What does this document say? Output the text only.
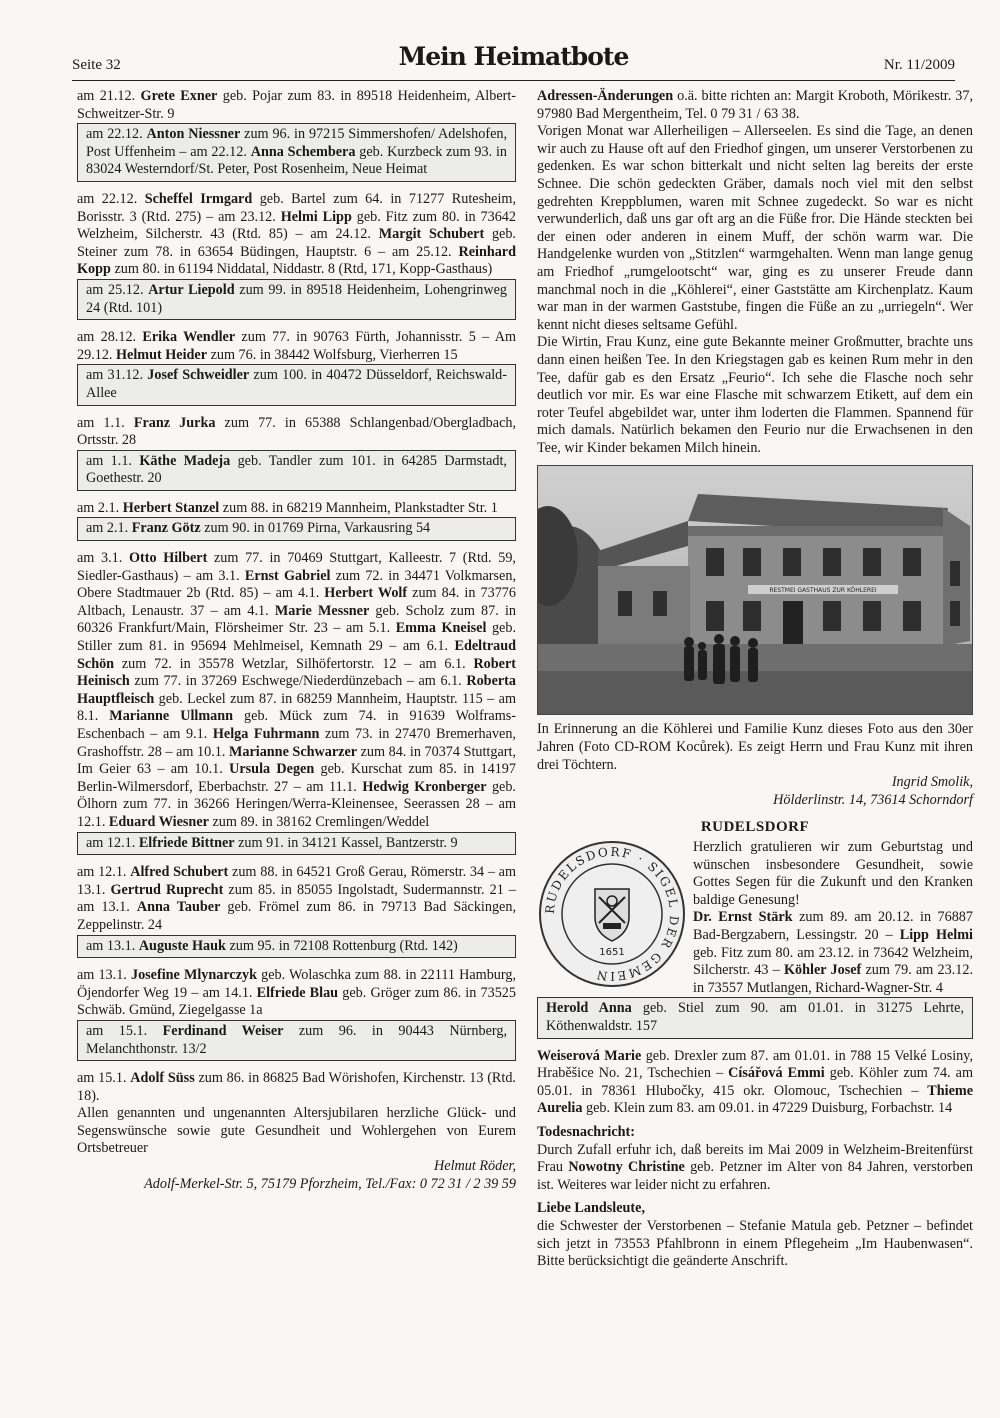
Seite 32	Mein Heimatbote	Nr. 11/2009

am 21.12. Grete Exner geb. Pojar zum 83. in 89518 Heidenheim, Albert-Schweitzer-Str. 9

am 22.12. Anton Niessner zum 96. in 97215 Simmershofen/ Adelshofen, Post Uffenheim – am 22.12. Anna Schembera geb. Kurzbeck zum 93. in 83024 Westerndorf/St. Peter, Post Rosenheim, Neue Heimat

am 22.12. Scheffel Irmgard geb. Bartel zum 64. in 71277 Rutesheim, Borisstr. 3 (Rtd. 275) – am 23.12. Helmi Lipp geb. Fitz zum 80. in 73642 Welzheim, Silcherstr. 43 (Rtd. 85) – am 24.12. Margit Schubert geb. Steiner zum 78. in 63654 Büdingen, Hauptstr. 6 – am 25.12. Reinhard Kopp zum 80. in 61194 Niddatal, Niddastr. 8 (Rtd, 171, Kopp-Gasthaus)

am 25.12. Artur Liepold zum 99. in 89518 Heidenheim, Lohengrinweg 24 (Rtd. 101)

am 28.12. Erika Wendler zum 77. in 90763 Fürth, Johannisstr. 5 – Am 29.12. Helmut Heider zum 76. in 38442 Wolfsburg, Vierherren 15

am 31.12. Josef Schweidler zum 100. in 40472 Düsseldorf, Reichswald-Allee

am 1.1. Franz Jurka zum 77. in 65388 Schlangenbad/Obergladbach, Ortsstr. 28

am 1.1. Käthe Madeja geb. Tandler zum 101. in 64285 Darmstadt, Goethestr. 20

am 2.1. Herbert Stanzel zum 88. in 68219 Mannheim, Plankstadter Str. 1

am 2.1. Franz Götz zum 90. in 01769 Pirna, Varkausring 54

am 3.1. Otto Hilbert zum 77. in 70469 Stuttgart, Kalleestr. 7 (Rtd. 59, Siedler-Gasthaus) – am 3.1. Ernst Gabriel zum 72. in 34471 Volkmarsen, Obere Stadtmauer 2b (Rtd. 85) – am 4.1. Herbert Wolf zum 84. in 73776 Altbach, Lenaustr. 37 – am 4.1. Marie Messner geb. Scholz zum 87. in 60326 Frankfurt/Main, Flörsheimer Str. 23 – am 5.1. Emma Kneisel geb. Stiller zum 81. in 95694 Mehlmeisel, Kemnath 29 – am 6.1. Edeltraud Schön zum 72. in 35578 Wetzlar, Silhöfertorstr. 12 – am 6.1. Robert Heinisch zum 77. in 37269 Eschwege/Niederdünzebach – am 6.1. Roberta Hauptfleisch geb. Leckel zum 87. in 68259 Mannheim, Hauptstr. 115 – am 8.1. Marianne Ullmann geb. Mück zum 74. in 91639 Wolframs-Eschenbach – am 9.1. Helga Fuhrmann zum 73. in 27470 Bremerhaven, Grashoffstr. 28 – am 10.1. Marianne Schwarzer zum 84. in 70374 Stuttgart, Im Geier 63 – am 10.1. Ursula Degen geb. Kurschat zum 85. in 14197 Berlin-Wilmersdorf, Eberbachstr. 27 – am 11.1. Hedwig Kronberger geb. Ölhorn zum 77. in 36266 Heringen/Werra-Kleinensee, Seerassen 28 – am 12.1. Eduard Wiesner zum 89. in 38162 Cremlingen/Weddel

am 12.1. Elfriede Bittner zum 91. in 34121 Kassel, Bantzerstr. 9

am 12.1. Alfred Schubert zum 88. in 64521 Groß Gerau, Römerstr. 34 – am 13.1. Gertrud Ruprecht zum 85. in 85055 Ingolstadt, Sudermannstr. 21 – am 13.1. Anna Tauber geb. Frömel zum 86. in 79713 Bad Säckingen, Zeppelinstr. 24

am 13.1. Auguste Hauk zum 95. in 72108 Rottenburg (Rtd. 142)

am 13.1. Josefine Mlynarczyk geb. Wolaschka zum 88. in 22111 Hamburg, Öjendorfer Weg 19 – am 14.1. Elfriede Blau geb. Gröger zum 86. in 73525 Schwäb. Gmünd, Ziegelgasse 1a

am 15.1. Ferdinand Weiser zum 96. in 90443 Nürnberg, Melanchthonstr. 13/2

am 15.1. Adolf Süss zum 86. in 86825 Bad Wörishofen, Kirchenstr. 13 (Rtd. 18).

Allen genannten und ungenannten Altersjubilaren herzliche Glück- und Segenswünsche sowie gute Gesundheit und Wohlergehen von Eurem Ortsbetreuer

Helmut Röder,
Adolf-Merkel-Str. 5, 75179 Pforzheim, Tel./Fax: 0 72 31 / 2 39 59

Adressen-Änderungen o.ä. bitte richten an: Margit Kroboth, Mörikestr. 37, 97980 Bad Mergentheim, Tel. 0 79 31 / 63 38.

Vorigen Monat war Allerheiligen – Allerseelen. Es sind die Tage, an denen wir auch zu Hause oft auf den Friedhof gingen, um unserer Verstorbenen zu gedenken. Es war schon bitterkalt und nicht selten lag bereits der erste Schnee. Die schön gedeckten Gräber, damals noch viel mit den selbst gedrehten Kreppblumen, waren mit Schnee zugedeckt. So war es nicht verwunderlich, daß uns gar oft arg an die Füße fror. Die Hände steckten bei der einen oder anderen in einem Muff, der schön warm war. Die Handgelenke wurden von „Stitzlen“ warmgehalten. Wenn man lange genug am Friedhof „rumgelootscht“ war, ging es zu unserer Freude dann manchmal noch in die „Köhlerei“, einer Gaststätte am Kirchenplatz. Kaum war man in der warmen Gaststube, fingen die Füße an zu „urriegeln“. Wer kennt nicht dieses seltsame Gefühl.

Die Wirtin, Frau Kunz, eine gute Bekannte meiner Großmutter, brachte uns dann einen heißen Tee. In den Kriegstagen gab es keinen Rum mehr in den Tee, dafür gab es den Ersatz „Feurio“. Ich sehe die Flasche noch sehr deutlich vor mir. Es war eine Flasche mit schwarzem Etikett, auf dem ein roter Teufel abgebildet war, unter ihm loderten die Flammen. Spannend für mich damals. Natürlich bekamen den Feurio nur die Erwachsenen in den Tee, wir Kinder bekamen Milch hinein.

RESTMEI GASTHAUS ZUR KÖHLEREI

In Erinnerung an die Köhlerei und Familie Kunz dieses Foto aus den 30er Jahren (Foto CD-ROM Kocůrek). Es zeigt Herrn und Frau Kunz mit ihren drei Töchtern.

Ingrid Smolik,
Hölderlinstr. 14, 73614 Schorndorf
RUDELSDORF
RUDELSDORF · SIGEL DER GEMEIN
1651

Herzlich gratulieren wir zum Geburtstag und wünschen insbesondere Gesundheit, sowie Gottes Segen für die Zukunft und den Kranken baldige Genesung!

Dr. Ernst Stärk zum 89. am 20.12. in 76887 Bad-Bergzabern, Lessingstr. 20 – Lipp Helmi geb. Fitz zum 80. am 23.12. in 73642 Welzheim, Silcherstr. 43 – Köhler Josef zum 79. am 23.12. in 73557 Mutlangen, Richard-Wagner-Str. 4

Herold Anna geb. Stiel zum 90. am 01.01. in 31275 Lehrte, Köthenwaldstr. 157

Weiserová Marie geb. Drexler zum 87. am 01.01. in 788 15 Velké Losiny, Hraběšice No. 21, Tschechien – Císářová Emmi geb. Köhler zum 74. am 05.01. in 78361 Hlubočky, 415 okr. Olomouc, Tschechien – Thieme Aurelia geb. Klein zum 83. am 09.01. in 47229 Duisburg, Forbachstr. 14

Todesnachricht:

Durch Zufall erfuhr ich, daß bereits im Mai 2009 in Welzheim-Breitenfürst Frau Nowotny Christine geb. Petzner im Alter von 84 Jahren, verstorben ist. Weiteres war leider nicht zu erfahren.

Liebe Landsleute,

die Schwester der Verstorbenen – Stefanie Matula geb. Petzner – befindet sich jetzt in 73553 Pfahlbronn in einem Pflegeheim „Im Haubenwasen“. Bitte berücksichtigt die geänderte Anschrift.
